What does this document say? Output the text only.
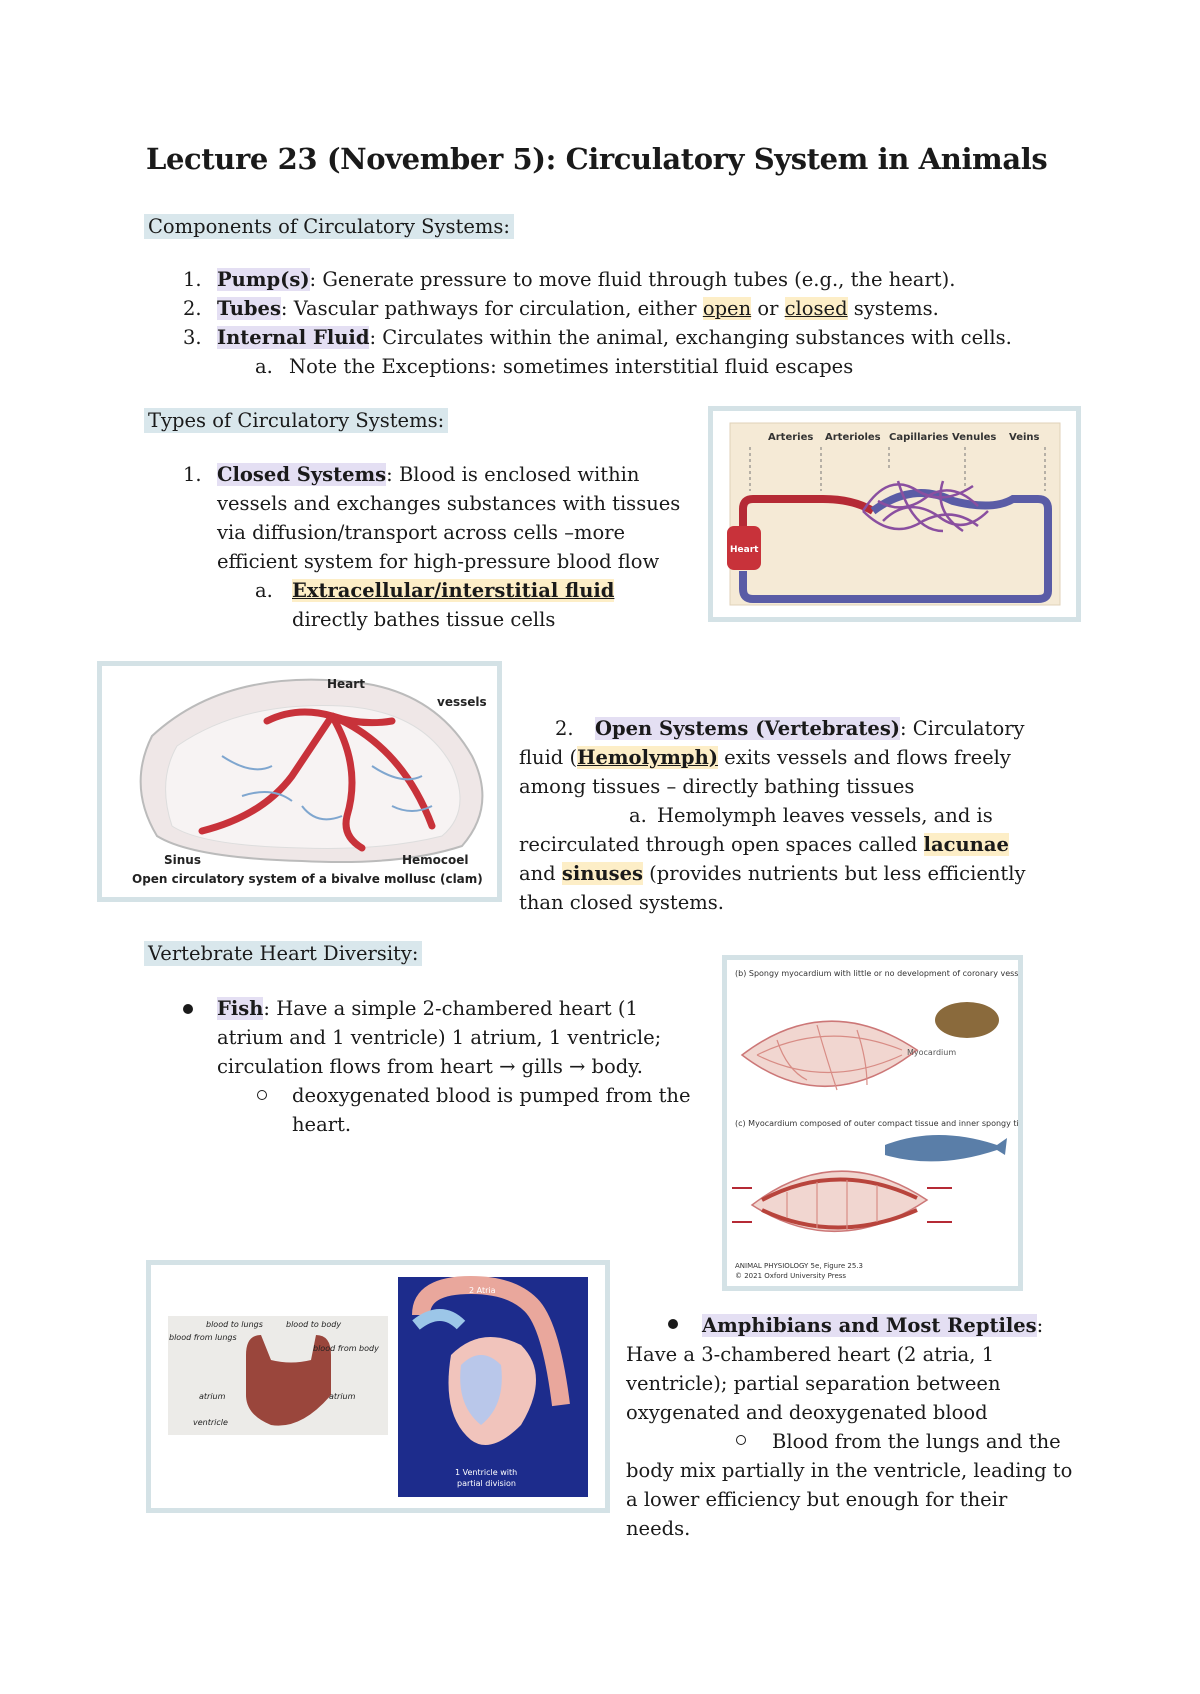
Lecture 23 (November 5): Circulatory System in Animals
Components of Circulatory Systems:
1. Pump(s): Generate pressure to move fluid through tubes (e.g., the heart).
2. Tubes: Vascular pathways for circulation, either open or closed systems.
3. Internal Fluid: Circulates within the animal, exchanging substances with cells.
a. Note the Exceptions: sometimes interstitial fluid escapes
Types of Circulatory Systems:
1. Closed Systems: Blood is enclosed within vessels and exchanges substances with tissues via diffusion/transport across cells –more efficient system for high-pressure blood flow
a. Extracellular/interstitial fluid
directly bathes tissue cells
Arteries Arterioles Capillaries Venules Veins
Heart
Heart
vessels
Sinus	Hemocoel
Open circulatory system of a bivalve mollusc (clam)
2. Open Systems (Vertebrates): Circulatory fluid (Hemolymph) exits vessels and flows freely among tissues – directly bathing tissues
a. Hemolymph leaves vessels, and is recirculated through open spaces called lacunae and sinuses (provides nutrients but less efficiently than closed systems.
Vertebrate Heart Diversity:
Fish: Have a simple 2-chambered heart (1 atrium and 1 ventricle) 1 atrium, 1 ventricle; circulation flows from heart → gills → body.
deoxygenated blood is pumped from the heart.
(b) Spongy myocardium with little or no development of coronary vessels
Myocardium
(c) Myocardium composed of outer compact tissue and inner spongy tissue
ANIMAL PHYSIOLOGY 5e, Figure 25.3
© 2021 Oxford University Press
blood to lungs	blood to body
blood from lungs
blood from body
atrium	atrium
ventricle
2 Atria
1 Ventricle with
partial division
Amphibians and Most Reptiles:
Have a 3-chambered heart (2 atria, 1 ventricle); partial separation between oxygenated and deoxygenated blood
Blood from the lungs and the body mix partially in the ventricle, leading to a lower efficiency but enough for their needs.
